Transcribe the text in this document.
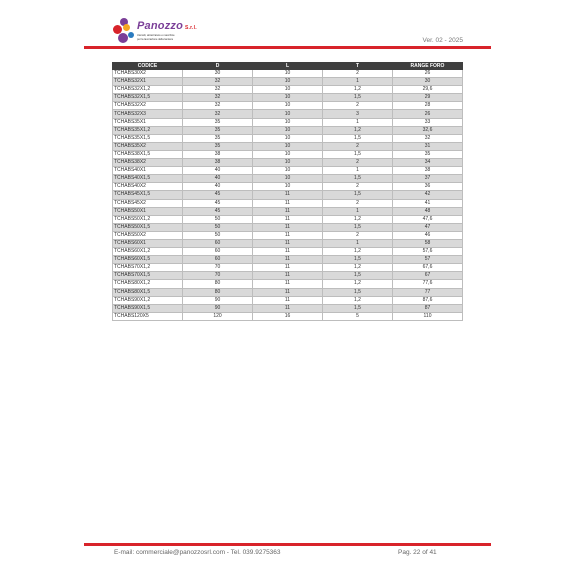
Panozzo S.r.l.
Utensili, attrezzature e macchine
per la lavorazione della lamiera	Ver. 02 - 2025
CODICE	D	L	T	RANGE FORO
TCHABS30X2	30	10	2	26
TCHABS32X1	32	10	1	30
TCHABS32X1,2	32	10	1,2	29,6
TCHABS32X1,5	32	10	1,5	29
TCHABS32X2	32	10	2	28
TCHABS32X3	32	10	3	26
TCHABS35X1	35	10	1	33
TCHABS35X1,2	35	10	1,2	32,6
TCHABS35X1,5	35	10	1,5	32
TCHABS35X2	35	10	2	31
TCHABS38X1,5	38	10	1,5	35
TCHABS38X2	38	10	2	34
TCHABS40X1	40	10	1	38
TCHABS40X1,5	40	10	1,5	37
TCHABS40X2	40	10	2	36
TCHABS45X1,5	45	11	1,5	42
TCHABS45X2	45	11	2	41
TCHABS50X1	45	11	1	48
TCHABS50X1,2	50	11	1,2	47,6
TCHABS50X1,5	50	11	1,5	47
TCHABS50X2	50	11	2	46
TCHABS60X1	60	11	1	58
TCHABS60X1,2	60	11	1,2	57,6
TCHABS60X1,5	60	11	1,5	57
TCHABS70X1,2	70	11	1,2	67,6
TCHABS70X1,5	70	11	1,5	67
TCHABS80X1,2	80	11	1,2	77,6
TCHABS80X1,5	80	11	1,5	77
TCHABS90X1,2	90	11	1,2	87,6
TCHABS90X1,5	90	11	1,5	87
TCHABS120X5	120	16	5	110
E-mail: commerciale@panozzosrl.com - Tel. 039.9275363	Pag. 22 of 41
